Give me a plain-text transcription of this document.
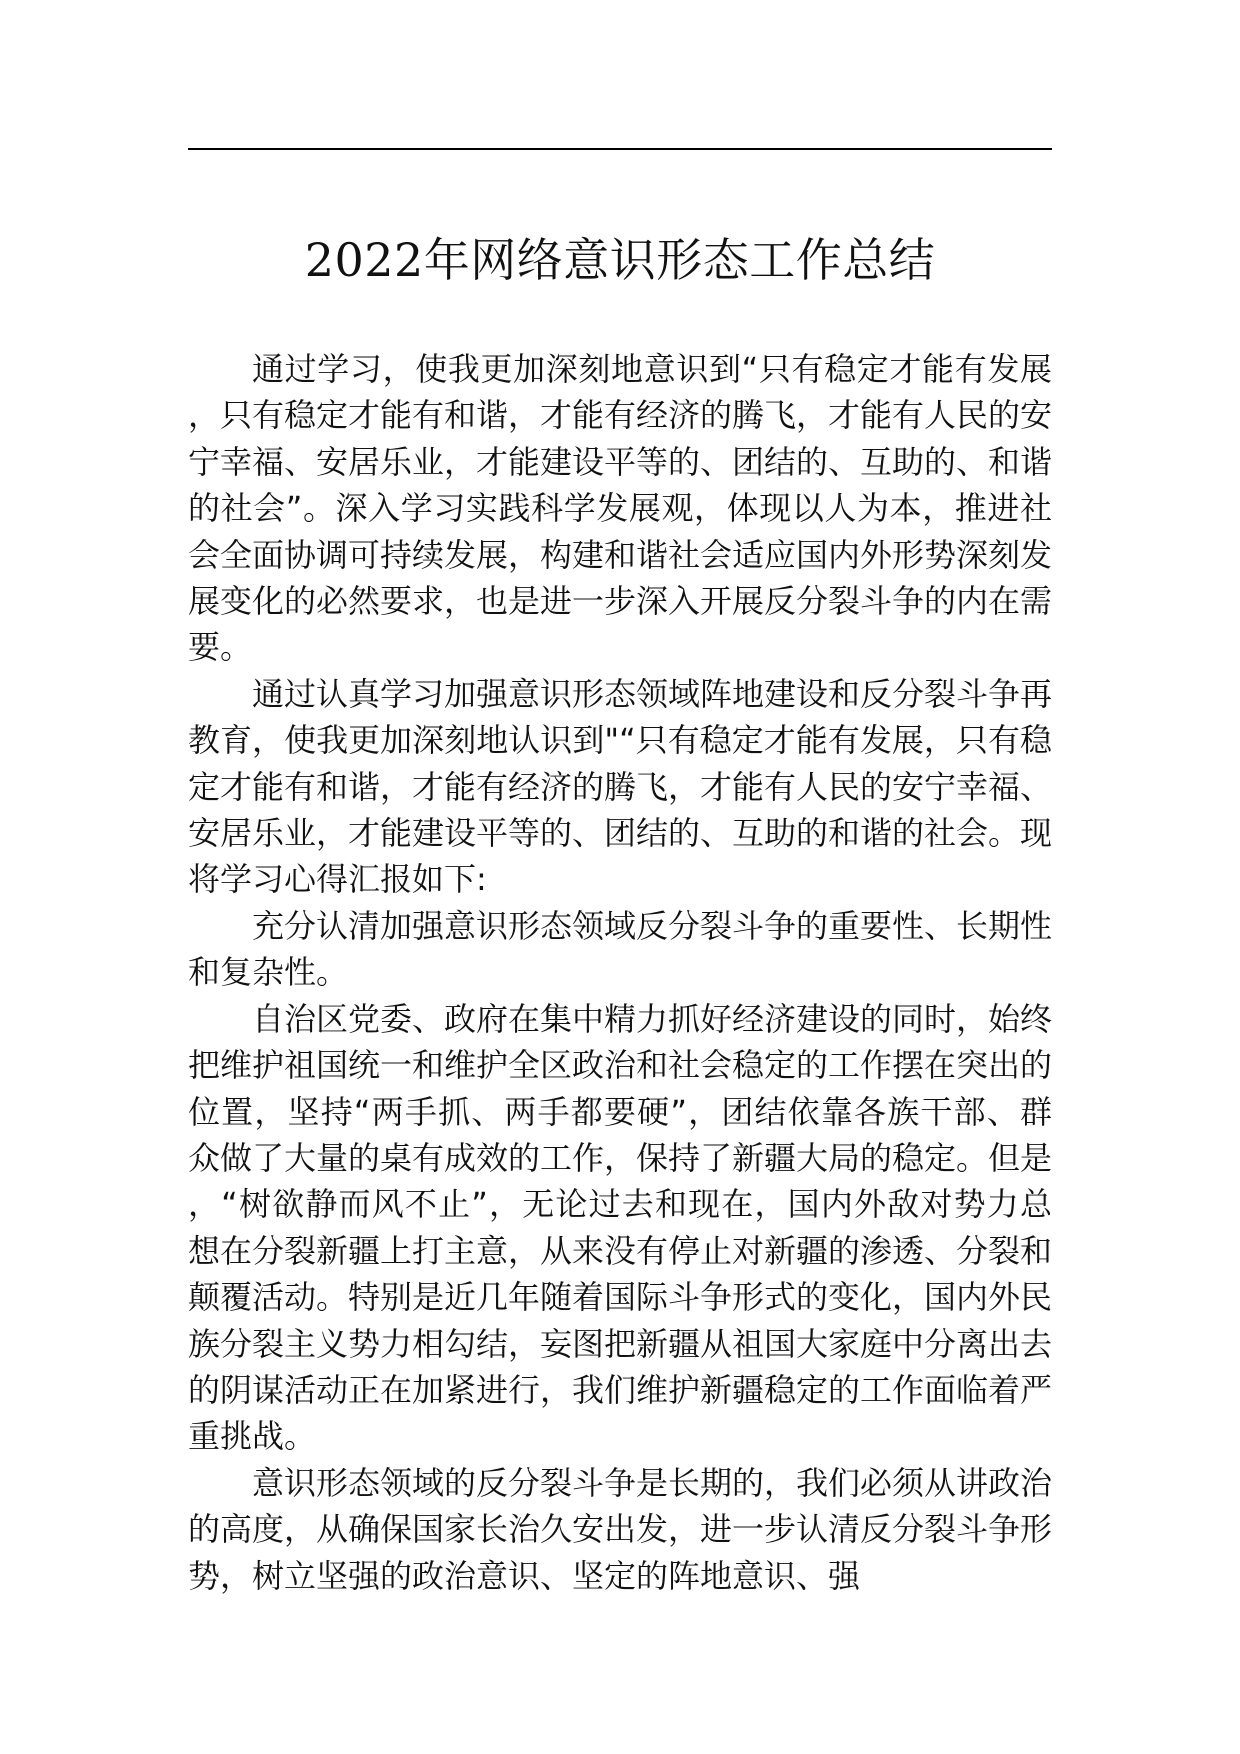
2022年网络意识形态工作总结

通过学习，使我更加深刻地意识到“只有稳定才能有发展，只有稳定才能有和谐，才能有经济的腾飞，才能有人民的安宁幸福、安居乐业，才能建设平等的、团结的、互助的、和谐的社会”。深入学习实践科学发展观，体现以人为本，推进社会全面协调可持续发展，构建和谐社会适应国内外形势深刻发展变化的必然要求，也是进一步深入开展反分裂斗争的内在需要。

通过认真学习加强意识形态领域阵地建设和反分裂斗争再教育，使我更加深刻地认识到"“只有稳定才能有发展，只有稳定才能有和谐，才能有经济的腾飞，才能有人民的安宁幸福、安居乐业，才能建设平等的、团结的、互助的和谐的社会。现将学习心得汇报如下:

充分认清加强意识形态领域反分裂斗争的重要性、长期性和复杂性。

自治区党委、政府在集中精力抓好经济建设的同时，始终把维护祖国统一和维护全区政治和社会稳定的工作摆在突出的位置，坚持“两手抓、两手都要硬”，团结依靠各族干部、群众做了大量的桌有成效的工作，保持了新疆大局的稳定。但是，“树欲静而风不止”，无论过去和现在，国内外敌对势力总想在分裂新疆上打主意，从来没有停止对新疆的渗透、分裂和颠覆活动。特别是近几年随着国际斗争形式的变化，国内外民族分裂主义势力相勾结，妄图把新疆从祖国大家庭中分离出去的阴谋活动正在加紧进行，我们维护新疆稳定的工作面临着严重挑战。

意识形态领域的反分裂斗争是长期的，我们必须从讲政治的高度，从确保国家长治久安出发，进一步认清反分裂斗争形势，树立坚强的政治意识、坚定的阵地意识、强
